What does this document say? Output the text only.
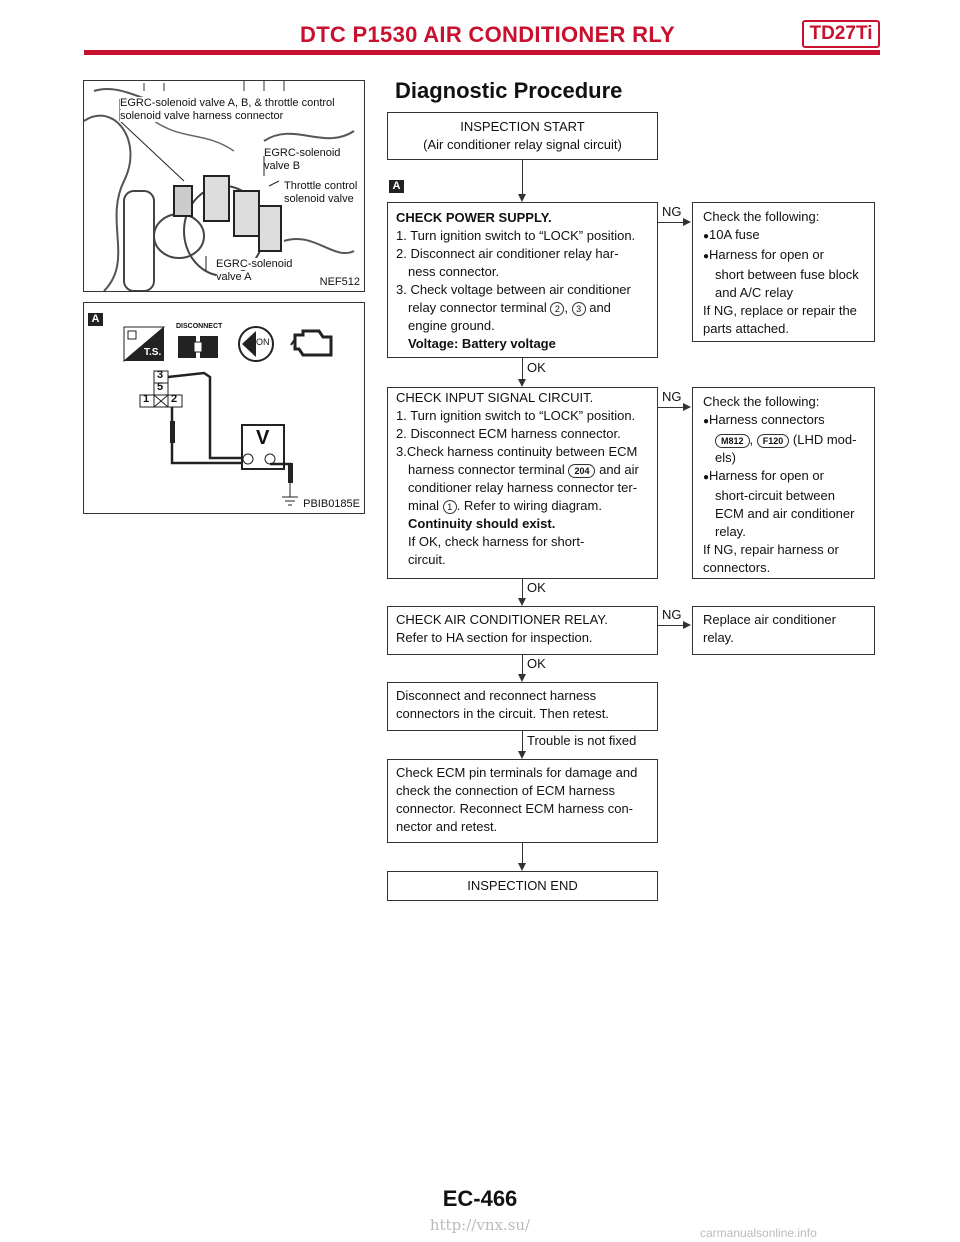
DTC P1530 AIR CONDITIONER RLY	TD27Ti
EGRC-solenoid valve A, B, & throttle control
solenoid valve harness connector
EGRC-solenoid
valve B
Throttle control
solenoid valve
EGRC-solenoid
valve A	NEF512
A
T.S.
DISCONNECT
ON
3
5
1 2
V
PBIB0185E
Diagnostic Procedure
INSPECTION START
(Air conditioner relay signal circuit)
A
CHECK POWER SUPPLY.
1. Turn ignition switch to “LOCK” position.
2. Disconnect air conditioner relay har-
ness connector.
3. Check voltage between air conditioner
relay connector terminal 2 , 3 and
engine ground.
Voltage: Battery voltage
NG Check the following:
●10A fuse
●Harness for open or
short between fuse block
and A/C relay
If NG, replace or repair the
parts attached.
OK
CHECK INPUT SIGNAL CIRCUIT.
1. Turn ignition switch to “LOCK” position.
2. Disconnect ECM harness connector.
3.Check harness continuity between ECM
harness connector terminal 204 and air
conditioner relay harness connector ter-
minal 1 . Refer to wiring diagram.
Continuity should exist.
If OK, check harness for short-
circuit.
NG Check the following:
●Harness connectors
M812 , F120 (LHD mod-
els)
●Harness for open or
short-circuit between
ECM and air conditioner
relay.
If NG, repair harness or
connectors.
OK
CHECK AIR CONDITIONER RELAY.
Refer to HA section for inspection.
NG Replace air conditioner
relay.
OK
Disconnect and reconnect harness
connectors in the circuit. Then retest.
Trouble is not fixed
Check ECM pin terminals for damage and
check the connection of ECM harness
connector. Reconnect ECM harness con-
nector and retest.
INSPECTION END
EC-466
http://vnx.su/	carmanualsonline.info
